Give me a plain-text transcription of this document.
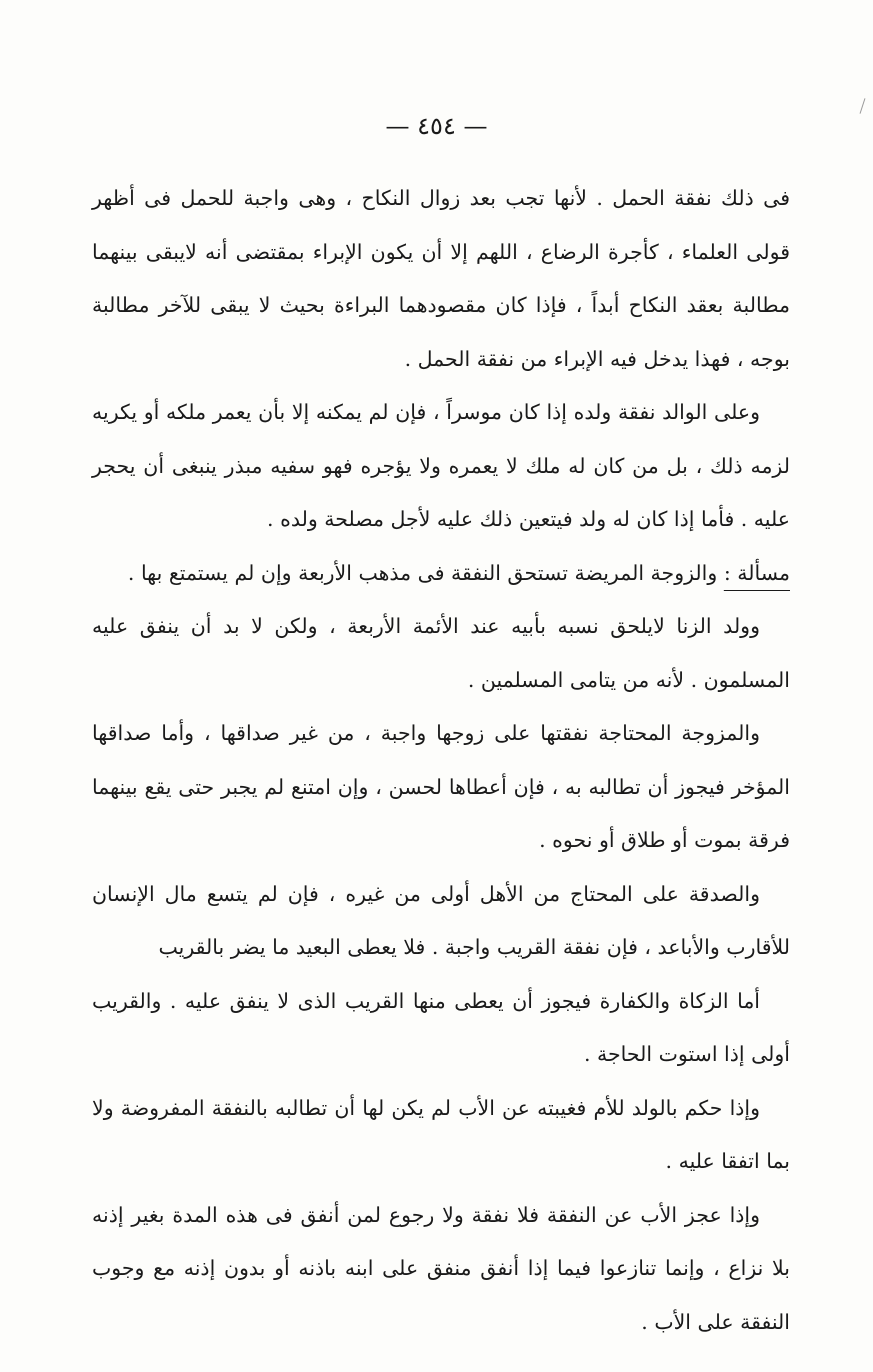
— ٤٥٤ —

فى ذلك نفقة الحمل . لأنها تجب بعد زوال النكاح ، وهى واجبة للحمل فى أظهر قولى العلماء ، كأجرة الرضاع ، اللهم إلا أن يكون الإبراء بمقتضى أنه لايبقى بينهما مطالبة بعقد النكاح أبداً ، فإذا كان مقصودهما البراءة بحيث لا يبقى للآخر مطالبة بوجه ، فهذا يدخل فيه الإبراء من نفقة الحمل .

وعلى الوالد نفقة ولده إذا كان موسراً ، فإن لم يمكنه إلا بأن يعمر ملكه أو يكريه لزمه ذلك ، بل من كان له ملك لا يعمره ولا يؤجره فهو سفيه مبذر ينبغى أن يحجر عليه . فأما إذا كان له ولد فيتعين ذلك عليه لأجل مصلحة ولده .

مسألة : والزوجة المريضة تستحق النفقة فى مذهب الأربعة وإن لم يستمتع بها .

وولد الزنا لايلحق نسبه بأبيه عند الأئمة الأربعة ، ولكن لا بد أن ينفق عليه المسلمون . لأنه من يتامى المسلمين .

والمزوجة المحتاجة نفقتها على زوجها واجبة ، من غير صداقها ، وأما صداقها المؤخر فيجوز أن تطالبه به ، فإن أعطاها لحسن ، وإن امتنع لم يجبر حتى يقع بينهما فرقة بموت أو طلاق أو نحوه .

والصدقة على المحتاج من الأهل أولى من غيره ، فإن لم يتسع مال الإنسان للأقارب والأباعد ، فإن نفقة القريب واجبة . فلا يعطى البعيد ما يضر بالقريب

أما الزكاة والكفارة فيجوز أن يعطى منها القريب الذى لا ينفق عليه . والقريب أولى إذا استوت الحاجة .

وإذا حكم بالولد للأم فغيبته عن الأب لم يكن لها أن تطالبه بالنفقة المفروضة ولا بما اتفقا عليه .

وإذا عجز الأب عن النفقة فلا نفقة ولا رجوع لمن أنفق فى هذه المدة بغير إذنه بلا نزاع ، وإنما تنازعوا فيما إذا أنفق منفق على ابنه باذنه أو بدون إذنه مع وجوب النفقة على الأب .
